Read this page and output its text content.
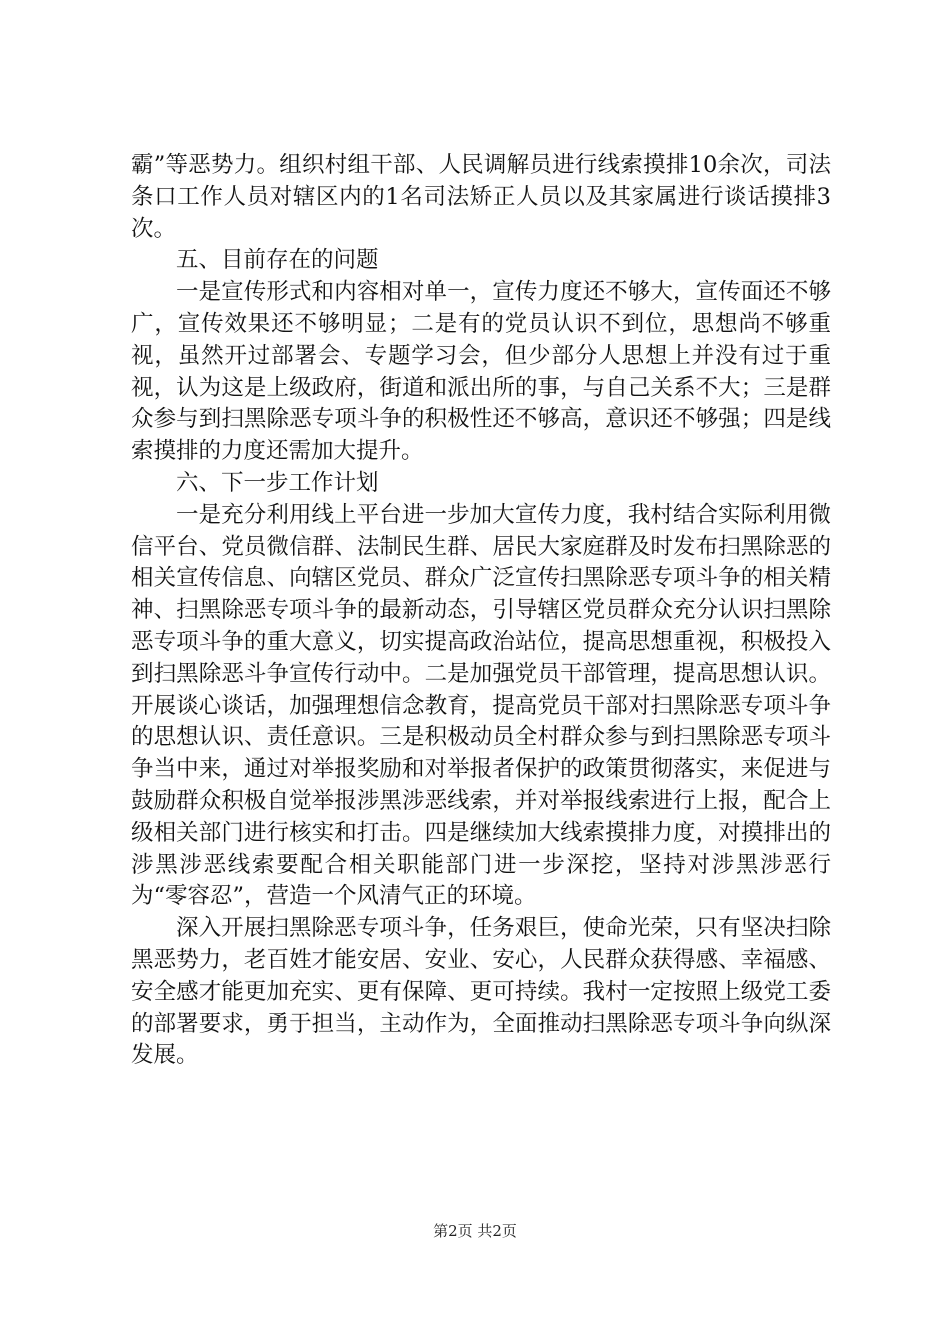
霸”等恶势力。组织村组干部、人民调解员进行线索摸排10余次，司法条口工作人员对辖区内的1名司法矫正人员以及其家属进行谈话摸排3次。

五、目前存在的问题

一是宣传形式和内容相对单一，宣传力度还不够大，宣传面还不够广，宣传效果还不够明显；二是有的党员认识不到位，思想尚不够重视，虽然开过部署会、专题学习会，但少部分人思想上并没有过于重视，认为这是上级政府，街道和派出所的事，与自己关系不大；三是群众参与到扫黑除恶专项斗争的积极性还不够高，意识还不够强；四是线索摸排的力度还需加大提升。

六、下一步工作计划

一是充分利用线上平台进一步加大宣传力度，我村结合实际利用微信平台、党员微信群、法制民生群、居民大家庭群及时发布扫黑除恶的相关宣传信息、向辖区党员、群众广泛宣传扫黑除恶专项斗争的相关精神、扫黑除恶专项斗争的最新动态，引导辖区党员群众充分认识扫黑除恶专项斗争的重大意义，切实提高政治站位，提高思想重视，积极投入到扫黑除恶斗争宣传行动中。二是加强党员干部管理，提高思想认识。开展谈心谈话，加强理想信念教育，提高党员干部对扫黑除恶专项斗争的思想认识、责任意识。三是积极动员全村群众参与到扫黑除恶专项斗争当中来，通过对举报奖励和对举报者保护的政策贯彻落实，来促进与鼓励群众积极自觉举报涉黑涉恶线索，并对举报线索进行上报，配合上级相关部门进行核实和打击。四是继续加大线索摸排力度，对摸排出的涉黑涉恶线索要配合相关职能部门进一步深挖，坚持对涉黑涉恶行为“零容忍”，营造一个风清气正的环境。

深入开展扫黑除恶专项斗争，任务艰巨，使命光荣，只有坚决扫除黑恶势力，老百姓才能安居、安业、安心，人民群众获得感、幸福感、安全感才能更加充实、更有保障、更可持续。我村一定按照上级党工委的部署要求，勇于担当，主动作为，全面推动扫黑除恶专项斗争向纵深发展。

第2页 共2页
